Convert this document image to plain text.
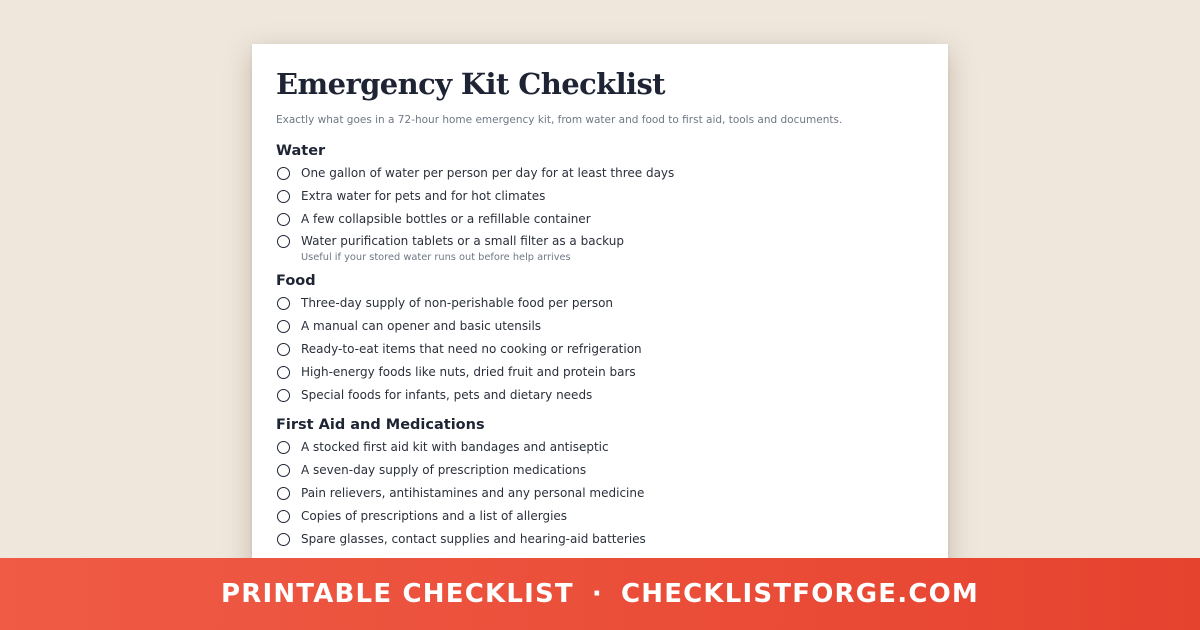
Emergency Kit Checklist
Exactly what goes in a 72-hour home emergency kit, from water and food to first aid, tools and documents.
Water
One gallon of water per person per day for at least three days
Extra water for pets and for hot climates
A few collapsible bottles or a refillable container
Water purification tablets or a small filter as a backup
Useful if your stored water runs out before help arrives
Food
Three-day supply of non-perishable food per person
A manual can opener and basic utensils
Ready-to-eat items that need no cooking or refrigeration
High-energy foods like nuts, dried fruit and protein bars
Special foods for infants, pets and dietary needs
First Aid and Medications
A stocked first aid kit with bandages and antiseptic
A seven-day supply of prescription medications
Pain relievers, antihistamines and any personal medicine
Copies of prescriptions and a list of allergies
Spare glasses, contact supplies and hearing-aid batteries
PRINTABLE CHECKLIST · CHECKLISTFORGE.COM
